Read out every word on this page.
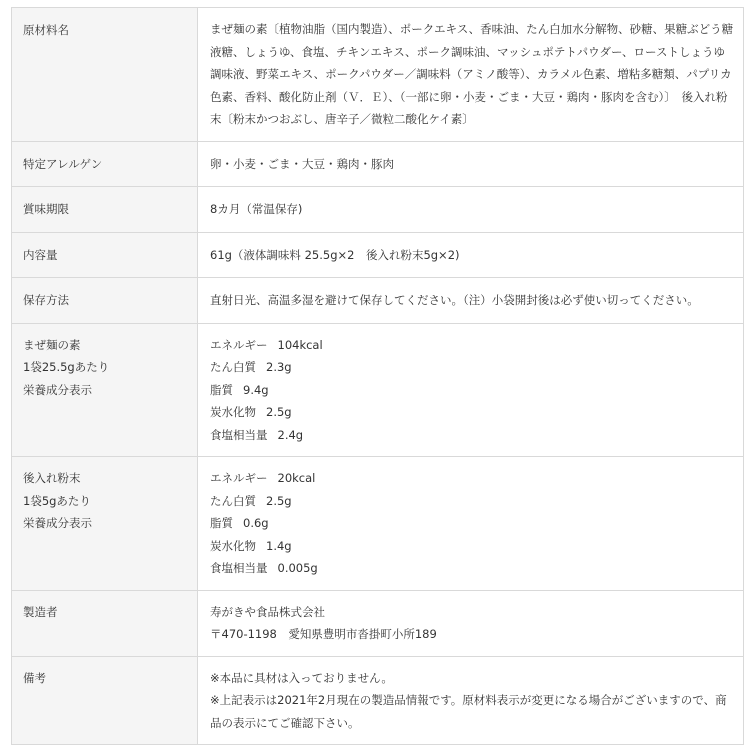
原材料名	まぜ麺の素〔植物油脂（国内製造）、ポークエキス、香味油、たん白加水分解物、砂糖、果糖ぶどう糖液糖、しょうゆ、食塩、チキンエキス、ポーク調味油、マッシュポテトパウダー、ローストしょうゆ調味液、野菜エキス、ポークパウダー／調味料（アミノ酸等）、カラメル色素、増粘多糖類、パプリカ色素、香料、酸化防止剤（Ｖ．Ｅ）、（一部に卵・小麦・ごま・大豆・鶏肉・豚肉を含む）〕　後入れ粉末〔粉末かつおぶし、唐辛子／微粒二酸化ケイ素〕

特定アレルゲン	卵・小麦・ごま・大豆・鶏肉・豚肉

賞味期限	8カ月（常温保存)

内容量	61g（液体調味料 25.5g×2　後入れ粉末5g×2)

保存方法	直射日光、高温多湿を避けて保存してください。（注）小袋開封後は必ず使い切ってください。

まぜ麺の素
1袋25.5gあたり
栄養成分表示	エネルギー 104kcal
たん白質 2.3g
脂質 9.4g
炭水化物 2.5g
食塩相当量 2.4g

後入れ粉末
1袋5gあたり
栄養成分表示	エネルギー 20kcal
たん白質 2.5g
脂質 0.6g
炭水化物 1.4g
食塩相当量 0.005g

製造者	寿がきや食品株式会社
〒470-1198　愛知県豊明市沓掛町小所189

備考	※本品に具材は入っておりません。
※上記表示は2021年2月現在の製造品情報です。原材料表示が変更になる場合がございますので、商品の表示にてご確認下さい。
